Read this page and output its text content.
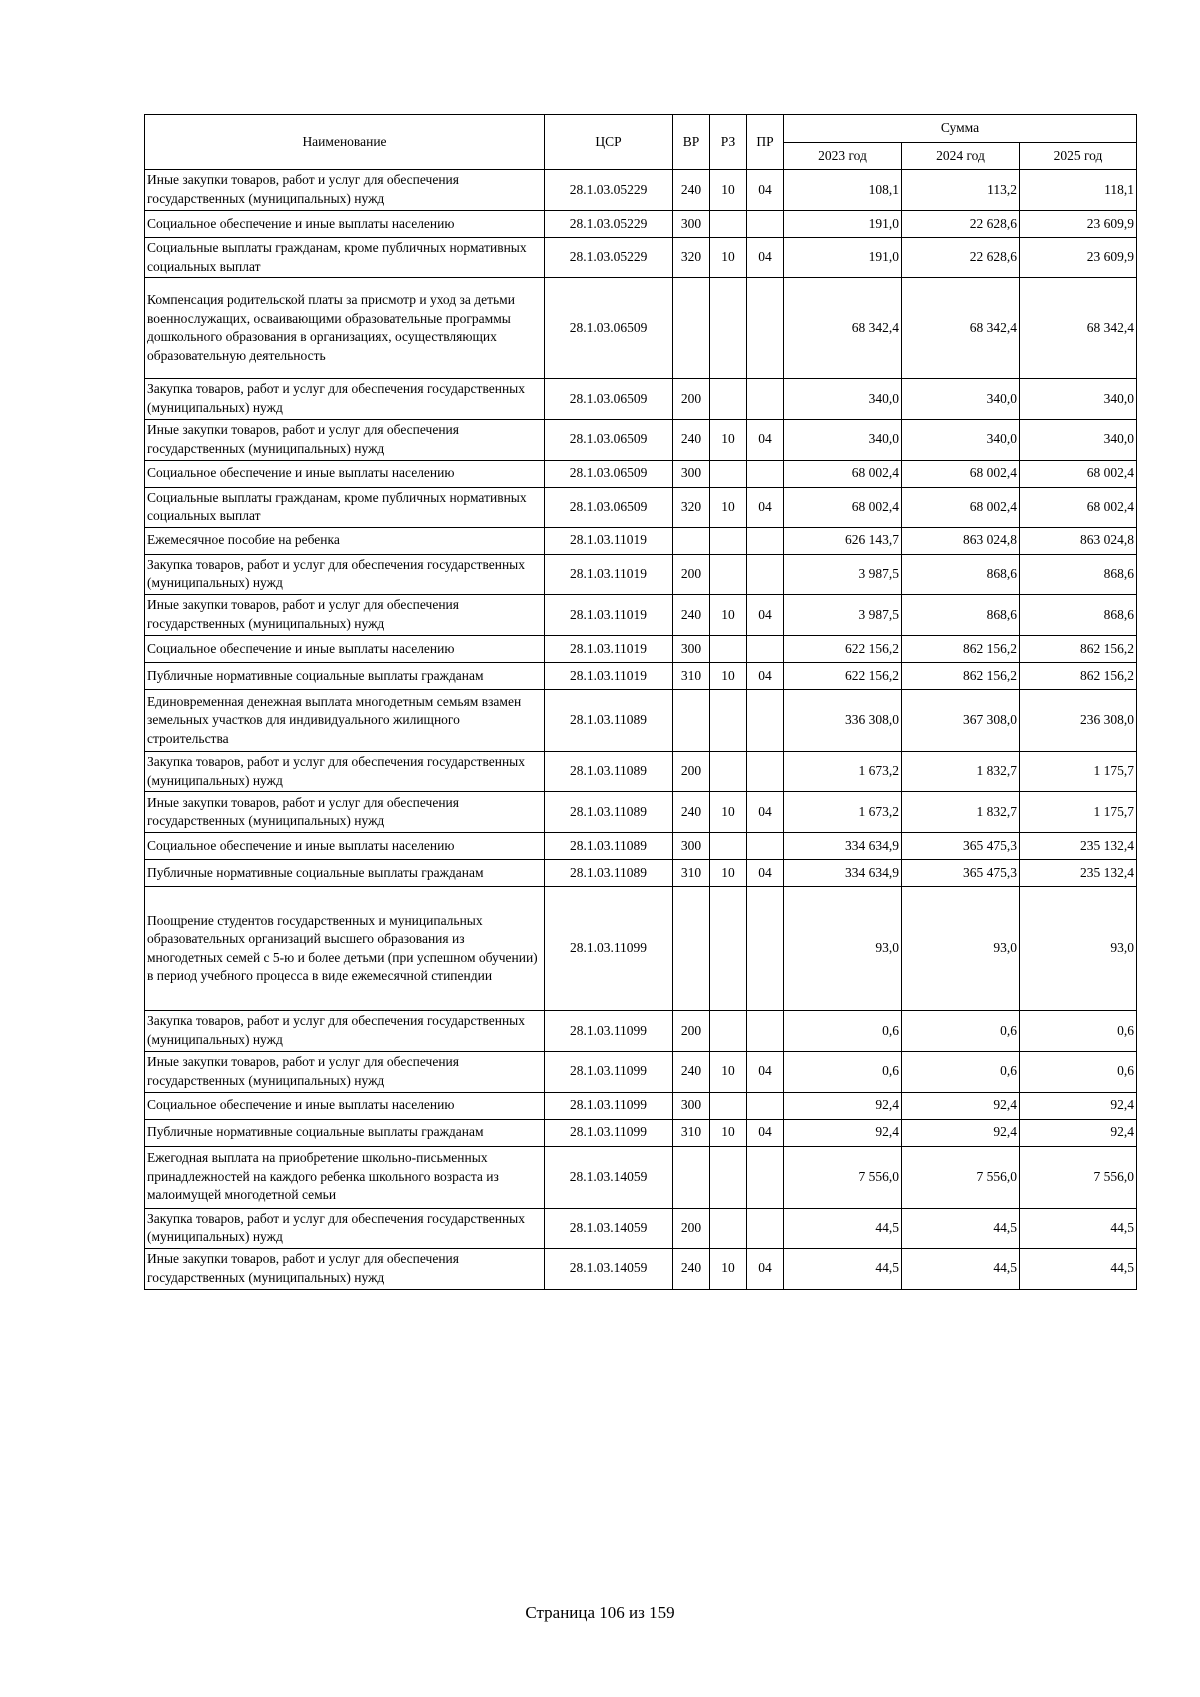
Наименование	ЦСР	ВР	РЗ	ПР	Сумма		
					2023 год	2024 год	2025 год
Иные закупки товаров, работ и услуг для обеспечения государственных (муниципальных) нужд	28.1.03.05229	240	10	04	108,1	113,2	118,1
Социальное обеспечение и иные выплаты населению	28.1.03.05229	300			191,0	22 628,6	23 609,9
Социальные выплаты гражданам, кроме публичных нормативных социальных выплат	28.1.03.05229	320	10	04	191,0	22 628,6	23 609,9
Компенсация родительской платы за присмотр и уход за детьми военнослужащих, осваивающими образовательные программы дошкольного образования в организациях, осуществляющих образовательную деятельность	28.1.03.06509				68 342,4	68 342,4	68 342,4
Закупка товаров, работ и услуг для обеспечения государственных (муниципальных) нужд	28.1.03.06509	200			340,0	340,0	340,0
Иные закупки товаров, работ и услуг для обеспечения государственных (муниципальных) нужд	28.1.03.06509	240	10	04	340,0	340,0	340,0
Социальное обеспечение и иные выплаты населению	28.1.03.06509	300			68 002,4	68 002,4	68 002,4
Социальные выплаты гражданам, кроме публичных нормативных социальных выплат	28.1.03.06509	320	10	04	68 002,4	68 002,4	68 002,4
Ежемесячное пособие на ребенка	28.1.03.11019				626 143,7	863 024,8	863 024,8
Закупка товаров, работ и услуг для обеспечения государственных (муниципальных) нужд	28.1.03.11019	200			3 987,5	868,6	868,6
Иные закупки товаров, работ и услуг для обеспечения государственных (муниципальных) нужд	28.1.03.11019	240	10	04	3 987,5	868,6	868,6
Социальное обеспечение и иные выплаты населению	28.1.03.11019	300			622 156,2	862 156,2	862 156,2
Публичные нормативные социальные выплаты гражданам	28.1.03.11019	310	10	04	622 156,2	862 156,2	862 156,2
Единовременная денежная выплата многодетным семьям взамен земельных участков для индивидуального жилищного строительства	28.1.03.11089				336 308,0	367 308,0	236 308,0
Закупка товаров, работ и услуг для обеспечения государственных (муниципальных) нужд	28.1.03.11089	200			1 673,2	1 832,7	1 175,7
Иные закупки товаров, работ и услуг для обеспечения государственных (муниципальных) нужд	28.1.03.11089	240	10	04	1 673,2	1 832,7	1 175,7
Социальное обеспечение и иные выплаты населению	28.1.03.11089	300			334 634,9	365 475,3	235 132,4
Публичные нормативные социальные выплаты гражданам	28.1.03.11089	310	10	04	334 634,9	365 475,3	235 132,4
Поощрение студентов государственных и муниципальных образовательных организаций высшего образования из многодетных семей с 5-ю и более детьми (при успешном обучении) в период учебного процесса в виде ежемесячной стипендии	28.1.03.11099				93,0	93,0	93,0
Закупка товаров, работ и услуг для обеспечения государственных (муниципальных) нужд	28.1.03.11099	200			0,6	0,6	0,6
Иные закупки товаров, работ и услуг для обеспечения государственных (муниципальных) нужд	28.1.03.11099	240	10	04	0,6	0,6	0,6
Социальное обеспечение и иные выплаты населению	28.1.03.11099	300			92,4	92,4	92,4
Публичные нормативные социальные выплаты гражданам	28.1.03.11099	310	10	04	92,4	92,4	92,4
Ежегодная выплата на приобретение школьно-письменных принадлежностей на каждого ребенка школьного возраста из малоимущей многодетной семьи	28.1.03.14059				7 556,0	7 556,0	7 556,0
Закупка товаров, работ и услуг для обеспечения государственных (муниципальных) нужд	28.1.03.14059	200			44,5	44,5	44,5
Иные закупки товаров, работ и услуг для обеспечения государственных (муниципальных) нужд	28.1.03.14059	240	10	04	44,5	44,5	44,5
Страница 106 из 159
